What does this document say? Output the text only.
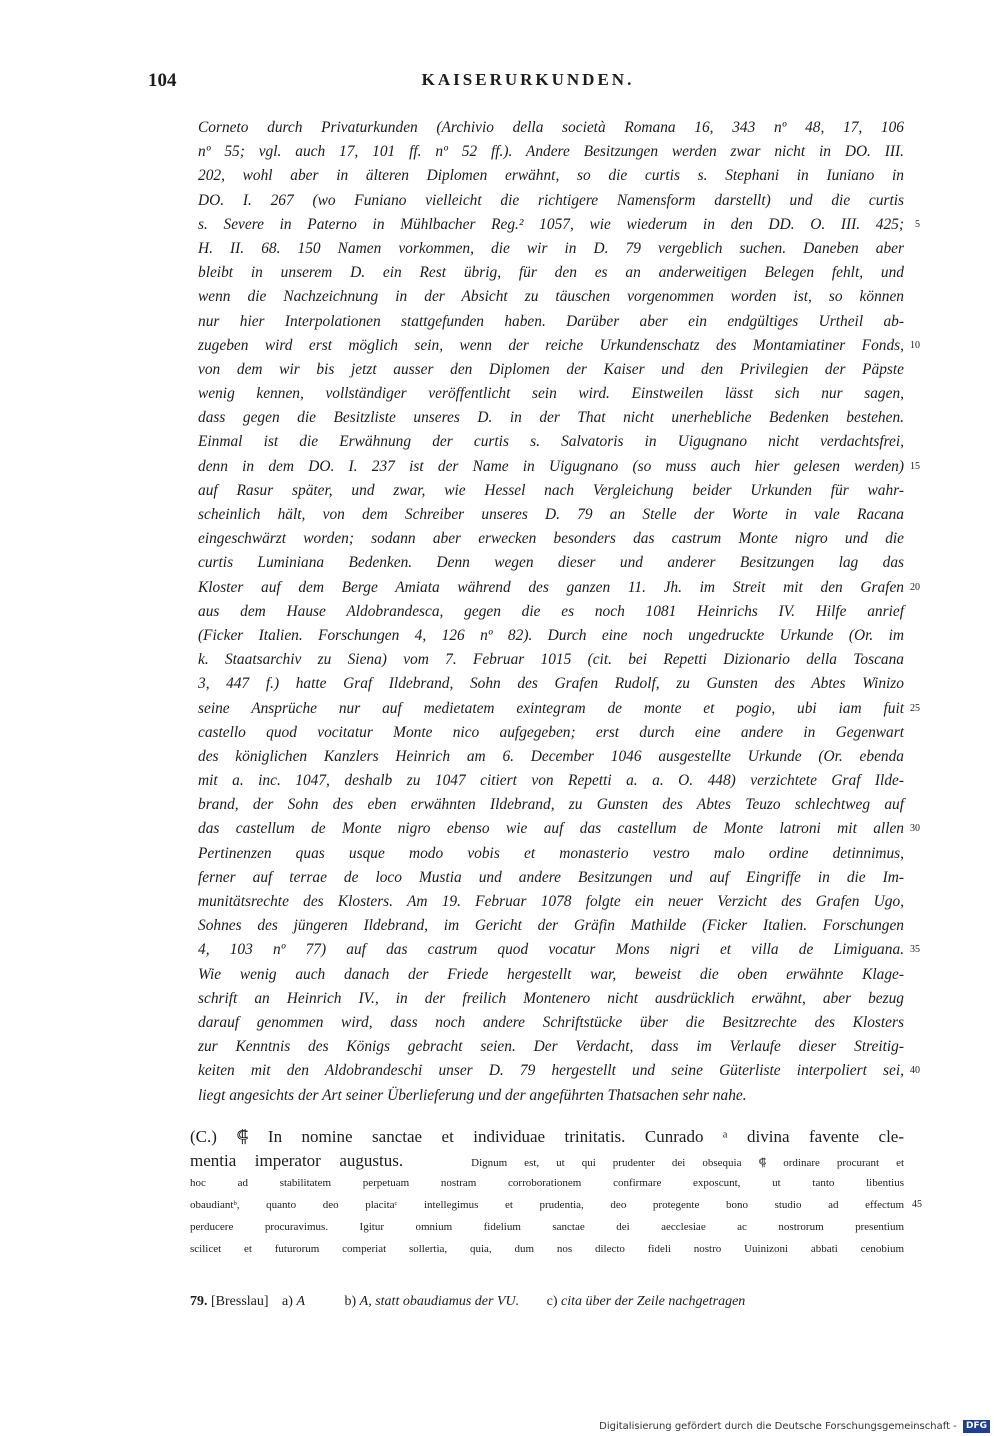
104	KAISERURKUNDEN.
Corneto durch Privaturkunden (Archivio della società Romana 16, 343 nº 48, 17, 106
nº 55; vgl. auch 17, 101 ff. nº 52 ff.). Andere Besitzungen werden zwar nicht in DO. III.
202, wohl aber in älteren Diplomen erwähnt, so die curtis s. Stephani in Iuniano in
DO. I. 267 (wo Funiano vielleicht die richtigere Namensform darstellt) und die curtis
s. Severe in Paterno in Mühlbacher Reg.² 1057, wie wiederum in den DD. O. III. 425; 5
H. II. 68. 150 Namen vorkommen, die wir in D. 79 vergeblich suchen. Daneben aber
bleibt in unserem D. ein Rest übrig, für den es an anderweitigen Belegen fehlt, und
wenn die Nachzeichnung in der Absicht zu täuschen vorgenommen worden ist, so können
nur hier Interpolationen stattgefunden haben. Darüber aber ein endgültiges Urtheil ab-
zugeben wird erst möglich sein, wenn der reiche Urkundenschatz des Montamiatiner Fonds, 10
von dem wir bis jetzt ausser den Diplomen der Kaiser und den Privilegien der Päpste
wenig kennen, vollständiger veröffentlicht sein wird. Einstweilen lässt sich nur sagen,
dass gegen die Besitzliste unseres D. in der That nicht unerhebliche Bedenken bestehen.
Einmal ist die Erwähnung der curtis s. Salvatoris in Uigugnano nicht verdachtsfrei,
denn in dem DO. I. 237 ist der Name in Uigugnano (so muss auch hier gelesen werden) 15
auf Rasur später, und zwar, wie Hessel nach Vergleichung beider Urkunden für wahr-
scheinlich hält, von dem Schreiber unseres D. 79 an Stelle der Worte in vale Racana
eingeschwärzt worden; sodann aber erwecken besonders das castrum Monte nigro und die
curtis Luminiana Bedenken. Denn wegen dieser und anderer Besitzungen lag das
Kloster auf dem Berge Amiata während des ganzen 11. Jh. im Streit mit den Grafen 20
aus dem Hause Aldobrandesca, gegen die es noch 1081 Heinrichs IV. Hilfe anrief
(Ficker Italien. Forschungen 4, 126 nº 82). Durch eine noch ungedruckte Urkunde (Or. im
k. Staatsarchiv zu Siena) vom 7. Februar 1015 (cit. bei Repetti Dizionario della Toscana
3, 447 f.) hatte Graf Ildebrand, Sohn des Grafen Rudolf, zu Gunsten des Abtes Winizo
seine Ansprüche nur auf medietatem exintegram de monte et pogio, ubi iam fuit 25
castello quod vocitatur Monte nico aufgegeben; erst durch eine andere in Gegenwart
des königlichen Kanzlers Heinrich am 6. December 1046 ausgestellte Urkunde (Or. ebenda
mit a. inc. 1047, deshalb zu 1047 citiert von Repetti a. a. O. 448) verzichtete Graf Ilde-
brand, der Sohn des eben erwähnten Ildebrand, zu Gunsten des Abtes Teuzo schlechtweg auf
das castellum de Monte nigro ebenso wie auf das castellum de Monte latroni mit allen 30
Pertinenzen quas usque modo vobis et monasterio vestro malo ordine detinnimus,
ferner auf terrae de loco Mustia und andere Besitzungen und auf Eingriffe in die Im-
munitätsrechte des Klosters. Am 19. Februar 1078 folgte ein neuer Verzicht des Grafen Ugo,
Sohnes des jüngeren Ildebrand, im Gericht der Gräfin Mathilde (Ficker Italien. Forschungen
4, 103 nº 77) auf das castrum quod vocatur Mons nigri et villa de Limiguana. 35
Wie wenig auch danach der Friede hergestellt war, beweist die oben erwähnte Klage-
schrift an Heinrich IV., in der freilich Montenero nicht ausdrücklich erwähnt, aber bezug
darauf genommen wird, dass noch andere Schriftstücke über die Besitzrechte des Klosters
zur Kenntnis des Königs gebracht seien. Der Verdacht, dass im Verlaufe dieser Streitig-
keiten mit den Aldobrandeschi unser D. 79 hergestellt und seine Güterliste interpoliert sei, 40
liegt angesichts der Art seiner Überlieferung und der angeführten Thatsachen sehr nahe.
(C.) ⸿ In nomine sanctae et individuae trinitatis. Cunrado ᵃ divina favente cle-
mentia imperator augustus.	Dignum est, ut qui prudenter dei obsequia ⸿ ordinare procurant et
hoc ad stabilitatem perpetuam nostram corroborationem confirmare exposcunt, ut tanto libentius
obaudiantᵇ, quanto deo placitaᶜ intellegimus et prudentia, deo protegente bono studio ad effectum 45
perducere procuravimus. Igitur omnium fidelium sanctae dei aecclesiae ac nostrorum presentium
scilicet et futurorum comperiat sollertia, quia, dum nos dilecto fideli nostro Uuinizoni abbati cenobium
79. [Bresslau] a) A	b) A, statt obaudiamus der VU. c) cita über der Zeile nachgetragen
Digitalisierung gefördert durch die Deutsche Forschungsgemeinschaft - DFG
